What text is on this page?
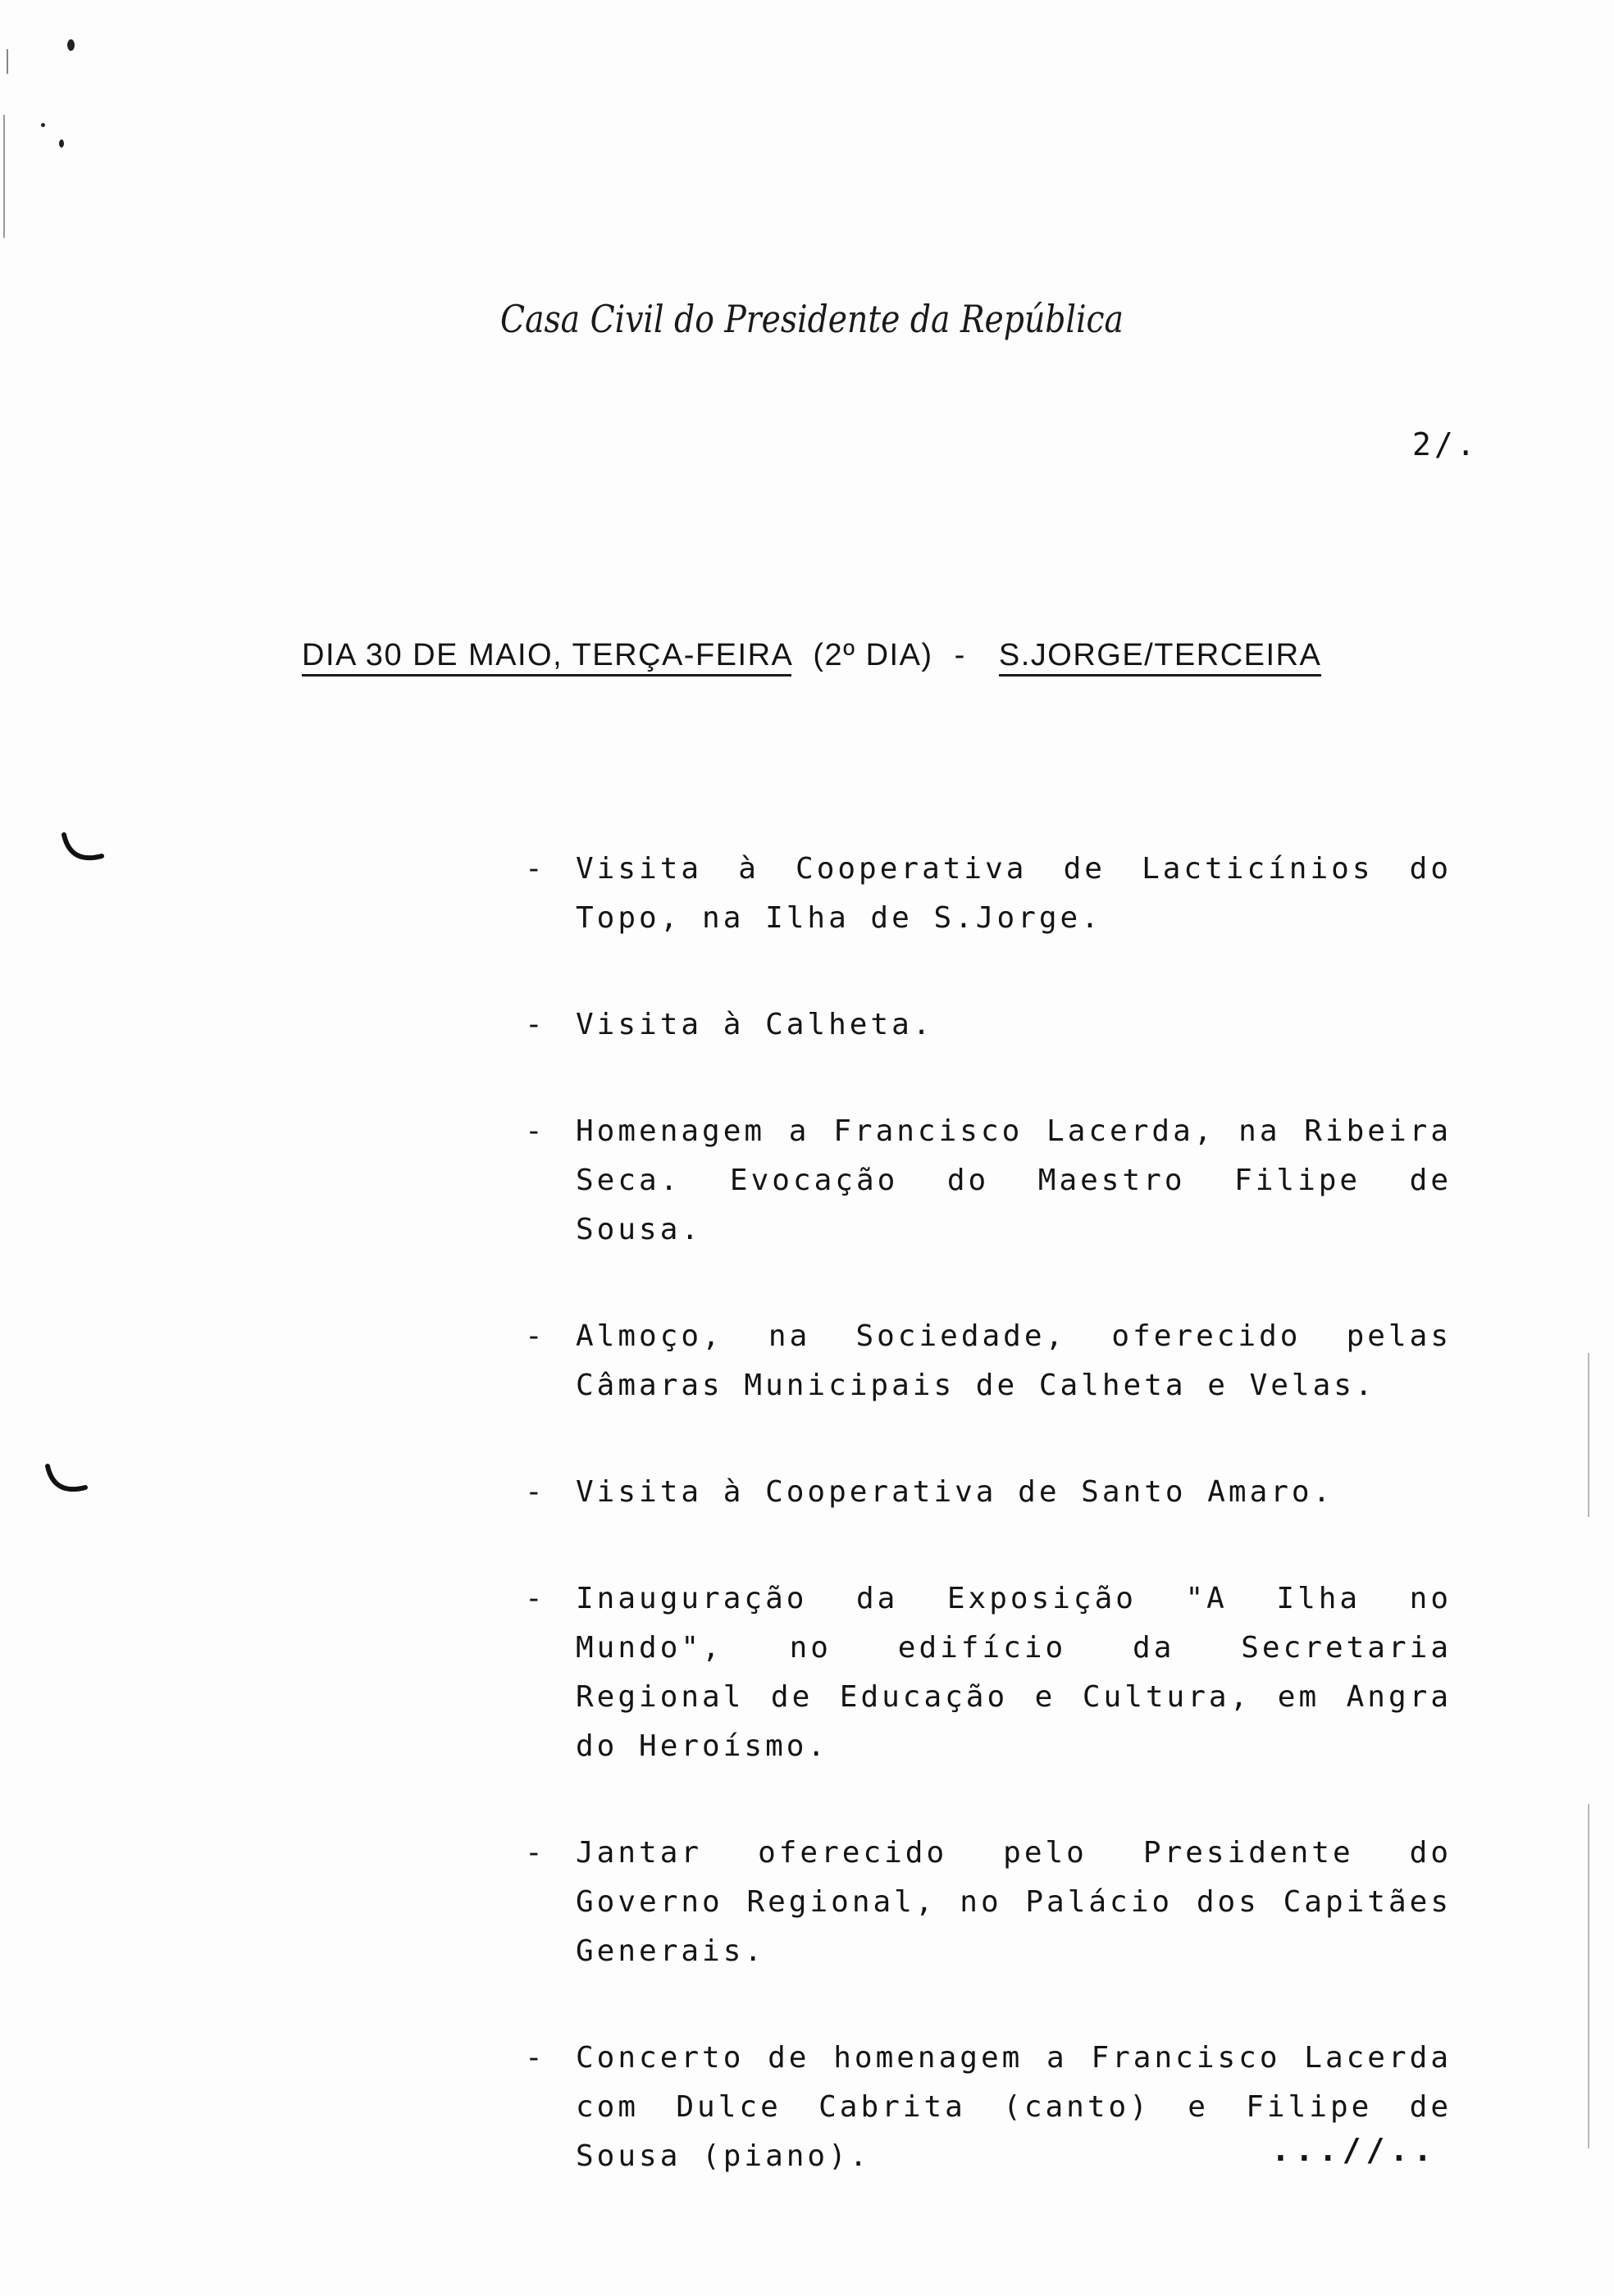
Casa Civil do Presidente da República
2/.
DIA 30 DE MAIO, TERÇA-FEIRA (2º DIA) - S.JORGE/TERCEIRA
- Visita à Cooperativa de Lacticínios do Topo, na Ilha de S.Jorge.
- Visita à Calheta.
- Homenagem a Francisco Lacerda, na Ribeira Seca. Evocação do Maestro Filipe de Sousa.
- Almoço, na Sociedade, oferecido pelas Câmaras Municipais de Calheta e Velas.
- Visita à Cooperativa de Santo Amaro.
- Inauguração da Exposição "A Ilha no Mundo", no edifício da Secretaria Regional de Educação e Cultura, em Angra do Heroísmo.
- Jantar oferecido pelo Presidente do Governo Regional, no Palácio dos Capitães Generais.
- Concerto de homenagem a Francisco Lacerda com Dulce Cabrita (canto) e Filipe de Sousa (piano).	...//..
